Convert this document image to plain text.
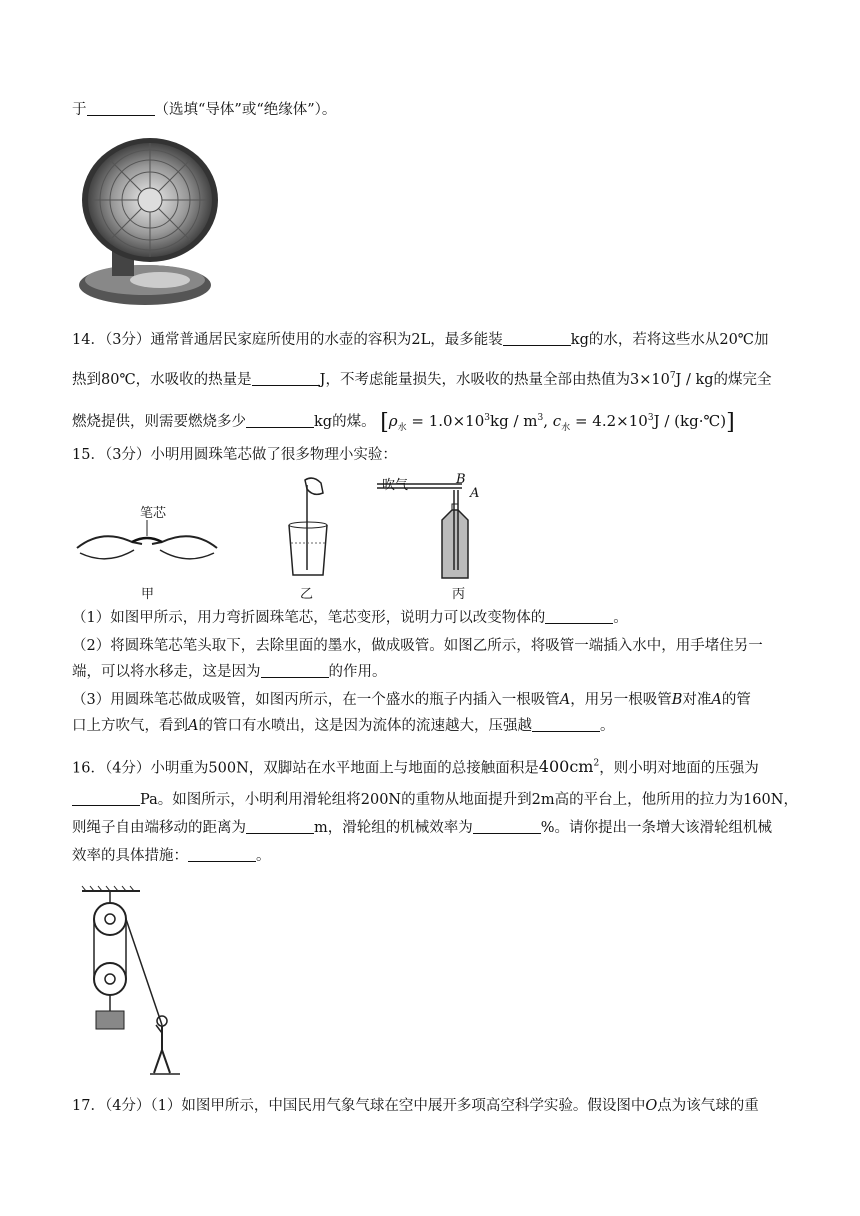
于	（选填“导体”或“绝缘体”）。
14．（3分）通常普通居民家庭所使用的水壶的容积为2L，最多能装	kg的水，若将这些水从20℃加
热到80℃，水吸收的热量是	J，不考虑能量损失，水吸收的热量全部由热值为$3\times 10^7J$ / kg的煤完全
燃烧提供，则需要燃烧多少	kg的煤。 [$\rho_水 = 1.0\times 10^3kg / m^3$, $c_水 = 4.2\times 10^3J$ / (kg·℃)]
15．（3分）小明用圆珠笔芯做了很多物理小实验：
笔芯
甲	乙
吹气	B
A
丙
（1）如图甲所示，用力弯折圆珠笔芯，笔芯变形，说明力可以改变物体的	。
（2）将圆珠笔芯笔头取下，去除里面的墨水，做成吸管。如图乙所示，将吸管一端插入水中，用手堵住另一
端，可以将水移走，这是因为	的作用。
（3）用圆珠笔芯做成吸管，如图丙所示，在一个盛水的瓶子内插入一根吸管A，用另一根吸管B对准A的管
口上方吹气，看到A的管口有水喷出，这是因为流体的流速越大，压强越	。
16．（4分）小明重为500N，双脚站在水平地面上与地面的总接触面积是$400cm^2$，则小明对地面的压强为
Pa。如图所示，小明利用滑轮组将200N的重物从地面提升到2m高的平台上，他所用的拉力为160N，
则绳子自由端移动的距离为	m，滑轮组的机械效率为	%。请你提出一条增大该滑轮组机械
效率的具体措施：	。
17．（4分）（1）如图甲所示，中国民用气象气球在空中展开多项高空科学实验。假设图中O点为该气球的重
